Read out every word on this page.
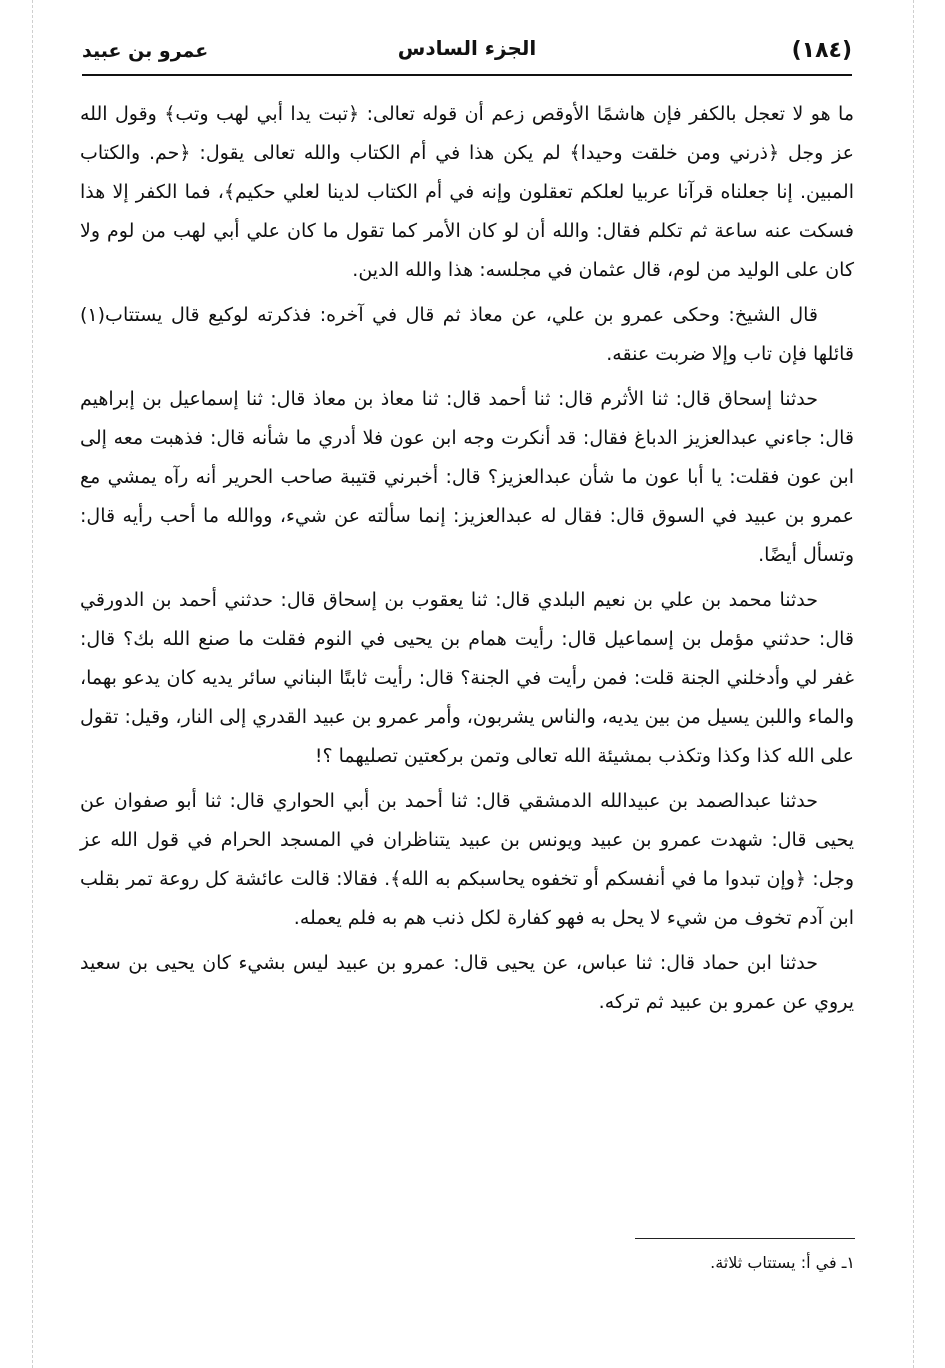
(١٨٤)
الجزء السادس
عمرو بن عبيد

ما هو لا تعجل بالكفر فإن هاشمًا الأوقص زعم أن قوله تعالى: ﴿تبت يدا أبي لهب وتب﴾ وقول الله عز وجل ﴿ذرني ومن خلقت وحيدا﴾ لم يكن هذا في أم الكتاب والله تعالى يقول: ﴿حم. والكتاب المبين. إنا جعلناه قرآنا عربيا لعلكم تعقلون وإنه في أم الكتاب لدينا لعلي حكيم﴾، فما الكفر إلا هذا فسكت عنه ساعة ثم تكلم فقال: والله أن لو كان الأمر كما تقول ما كان علي أبي لهب من لوم ولا كان على الوليد من لوم، قال عثمان في مجلسه: هذا والله الدين.

قال الشيخ: وحكى عمرو بن علي، عن معاذ ثم قال في آخره: فذكرته لوكيع قال يستتاب(١) قائلها فإن تاب وإلا ضربت عنقه.

حدثنا إسحاق قال: ثنا الأثرم قال: ثنا أحمد قال: ثنا معاذ بن معاذ قال: ثنا إسماعيل بن إبراهيم قال: جاءني عبدالعزيز الدباغ فقال: قد أنكرت وجه ابن عون فلا أدري ما شأنه قال: فذهبت معه إلى ابن عون فقلت: يا أبا عون ما شأن عبدالعزيز؟ قال: أخبرني قتيبة صاحب الحرير أنه رآه يمشي مع عمرو بن عبيد في السوق قال: فقال له عبدالعزيز: إنما سألته عن شيء، ووالله ما أحب رأيه قال: وتسأل أيضًا.

حدثنا محمد بن علي بن نعيم البلدي قال: ثنا يعقوب بن إسحاق قال: حدثني أحمد بن الدورقي قال: حدثني مؤمل بن إسماعيل قال: رأيت همام بن يحيى في النوم فقلت ما صنع الله بك؟ قال: غفر لي وأدخلني الجنة قلت: فمن رأيت في الجنة؟ قال: رأيت ثابتًا البناني سائر يديه كان يدعو بهما، والماء واللبن يسيل من بين يديه، والناس يشربون، وأمر عمرو بن عبيد القدري إلى النار، وقيل: تقول على الله كذا وكذا وتكذب بمشيئة الله تعالى وتمن بركعتين تصليهما ؟!

حدثنا عبدالصمد بن عبيدالله الدمشقي قال: ثنا أحمد بن أبي الحواري قال: ثنا أبو صفوان عن يحيى قال: شهدت عمرو بن عبيد ويونس بن عبيد يتناظران في المسجد الحرام في قول الله عز وجل: ﴿وإن تبدوا ما في أنفسكم أو تخفوه يحاسبكم به الله﴾. فقالا: قالت عائشة كل روعة تمر بقلب ابن آدم تخوف من شيء لا يحل به فهو كفارة لكل ذنب هم به فلم يعمله.

حدثنا ابن حماد قال: ثنا عباس، عن يحيى قال: عمرو بن عبيد ليس بشيء كان يحيى بن سعيد يروي عن عمرو بن عبيد ثم تركه.

١ـ في أ: يستتاب ثلاثة.
